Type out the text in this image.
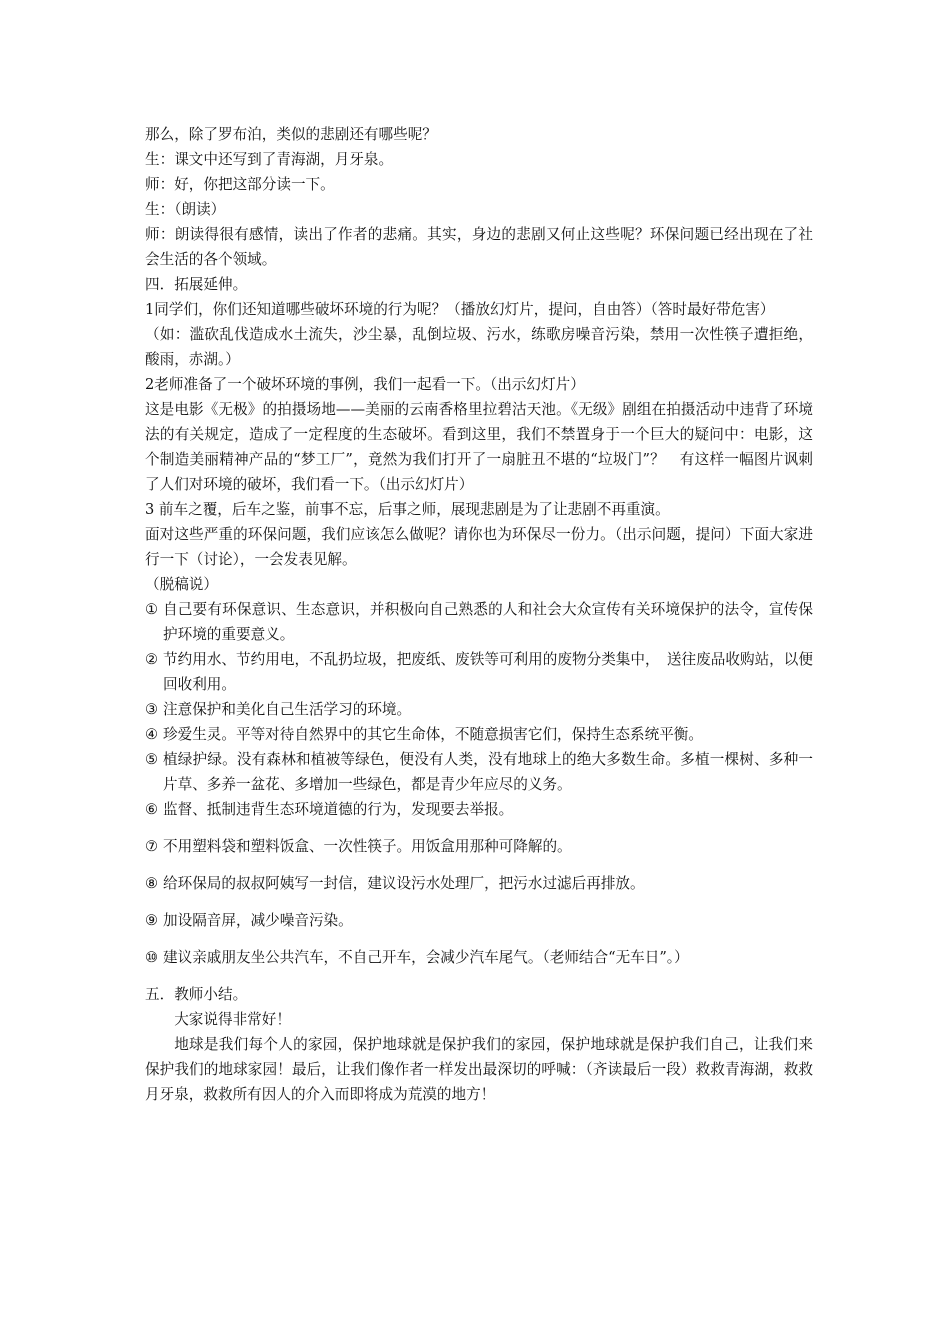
那么，除了罗布泊，类似的悲剧还有哪些呢？

生：课文中还写到了青海湖，月牙泉。

师：好，你把这部分读一下。

生：（朗读）

师：朗读得很有感情，读出了作者的悲痛。其实，身边的悲剧又何止这些呢？环保问题已经出现在了社会生活的各个领域。

四．拓展延伸。

1同学们，你们还知道哪些破坏环境的行为呢？（播放幻灯片，提问，自由答）（答时最好带危害）

（如：滥砍乱伐造成水土流失，沙尘暴，乱倒垃圾、污水，练歌房噪音污染，禁用一次性筷子遭拒绝，酸雨，赤湖。）

2老师准备了一个破坏环境的事例，我们一起看一下。（出示幻灯片）

这是电影《无极》的拍摄场地——美丽的云南香格里拉碧沽天池。《无级》剧组在拍摄活动中违背了环境法的有关规定，造成了一定程度的生态破坏。看到这里，我们不禁置身于一个巨大的疑问中：电影，这个制造美丽精神产品的“梦工厂”，竟然为我们打开了一扇脏丑不堪的“垃圾门”？　有这样一幅图片讽刺了人们对环境的破坏，我们看一下。（出示幻灯片）

3 前车之覆，后车之鉴，前事不忘，后事之师，展现悲剧是为了让悲剧不再重演。

面对这些严重的环保问题，我们应该怎么做呢？请你也为环保尽一份力。（出示问题，提问）下面大家进行一下（讨论），一会发表见解。

（脱稿说）

① 自己要有环保意识、生态意识，并积极向自己熟悉的人和社会大众宣传有关环境保护的法令，宣传保护环境的重要意义。
② 节约用水、节约用电，不乱扔垃圾，把废纸、废铁等可利用的废物分类集中，　送往废品收购站，以便回收利用。
③ 注意保护和美化自己生活学习的环境。
④ 珍爱生灵。平等对待自然界中的其它生命体，不随意损害它们，保持生态系统平衡。
⑤ 植绿护绿。没有森林和植被等绿色，便没有人类，没有地球上的绝大多数生命。多植一棵树、多种一片草、多养一盆花、多增加一些绿色，都是青少年应尽的义务。
⑥ 监督、抵制违背生态环境道德的行为，发现要去举报。
⑦ 不用塑料袋和塑料饭盒、一次性筷子。用饭盒用那种可降解的。
⑧ 给环保局的叔叔阿姨写一封信，建议设污水处理厂，把污水过滤后再排放。
⑨ 加设隔音屏，减少噪音污染。
⑩ 建议亲戚朋友坐公共汽车，不自己开车，会减少汽车尾气。（老师结合“无车日”。）

五．教师小结。

大家说得非常好！

地球是我们每个人的家园，保护地球就是保护我们的家园，保护地球就是保护我们自己，让我们来保护我们的地球家园！最后，让我们像作者一样发出最深切的呼喊：（齐读最后一段）救救青海湖，救救月牙泉，救救所有因人的介入而即将成为荒漠的地方！
